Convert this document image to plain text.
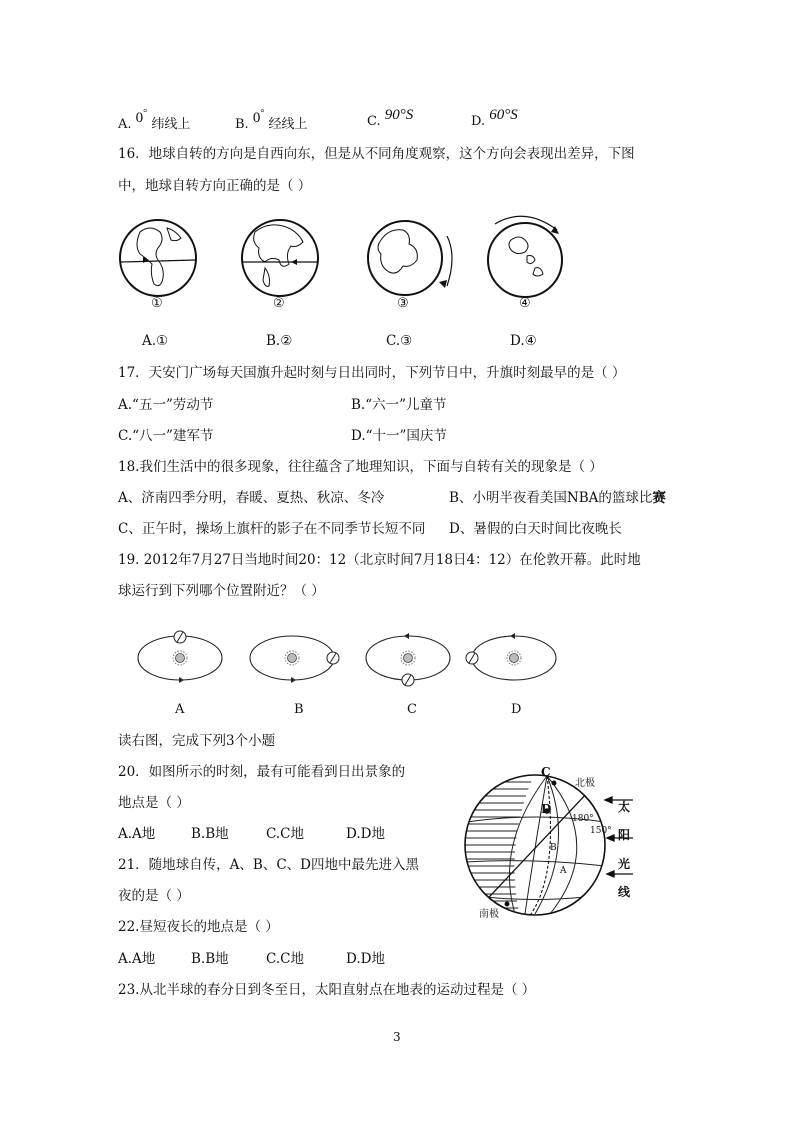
A. 0° 纬线上	B. 0° 经线上	C. 90°S	D. 60°S
16．地球自转的方向是自西向东，但是从不同角度观察，这个方向会表现出差异，下图
中，地球自转方向正确的是（ ）
①	②	③	④
A.①	B.②	C.③	D.④
17．天安门广场每天国旗升起时刻与日出同时，下列节日中，升旗时刻最早的是（ ）
A.“五一”劳动节	B.“六一”儿童节
C.“八一”建军节	D.“十一”国庆节
18.我们生活中的很多现象，往往蕴含了地理知识，下面与自转有关的现象是（ ）
A、济南四季分明，春暖、夏热、秋凉、冬冷	B、小明半夜看美国NBA的篮球比赛
C、正午时，操场上旗杆的影子在不同季节长短不同 D、暑假的白天时间比夜晚长
19. 2012年7月27日当地时间20：12（北京时间7月18日4：12）在伦敦开幕。此时地
球运行到下列哪个位置附近？（ ）
A	B	C	D
读右图，完成下列3个小题
20．如图所示的时刻，最有可能看到日出景象的
地点是（ ）
A.A地	B.B地	C.C地	D.D地
21．随地球自传，A、B、C、D四地中最先进入黑
夜的是（ ）
22.昼短夜长的地点是（ ）
A.A地	B.B地	C.C地	D.D地
23.从北半球的春分日到冬至日，太阳直射点在地表的运动过程是（ ）
C
北极
D
180°
150°
B
A
南极
太
阳
光
线
3
